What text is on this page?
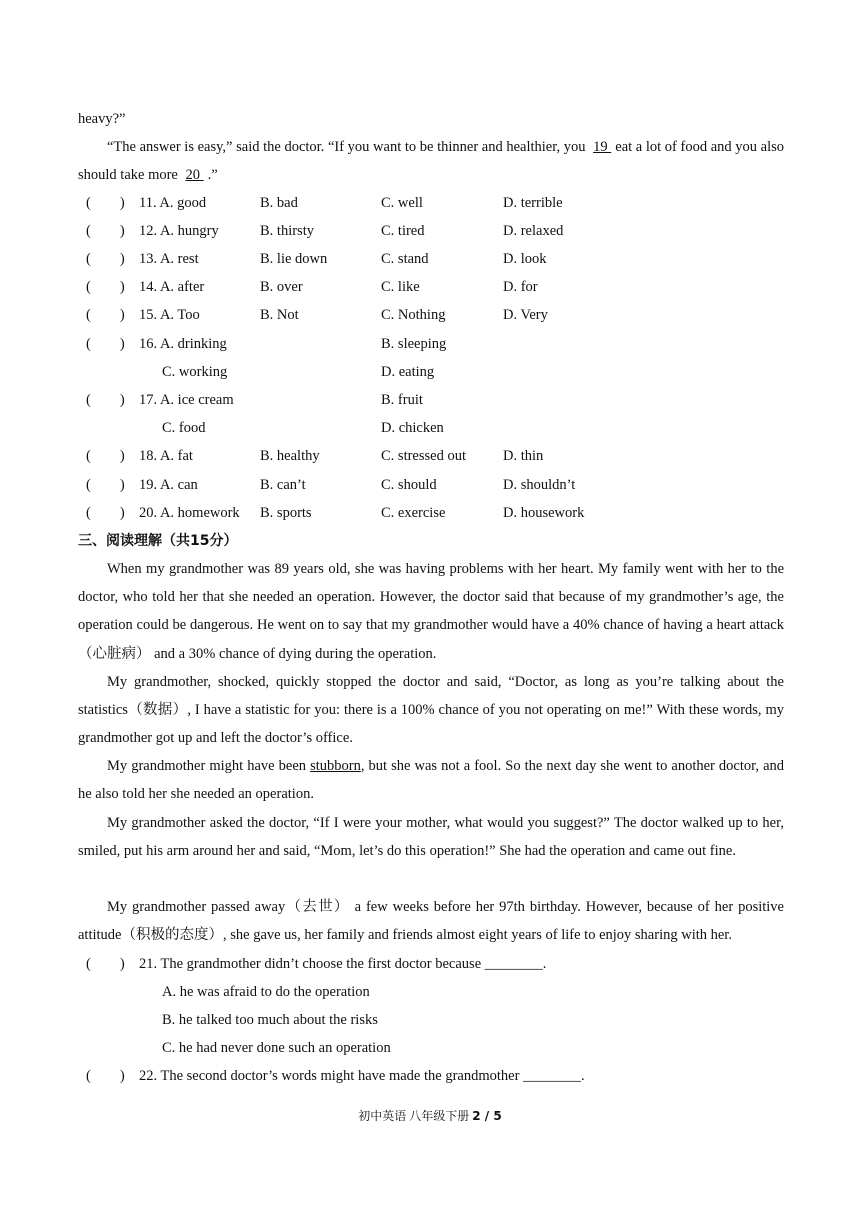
heavy?”
“The answer is easy,” said the doctor. “If you want to be thinner and healthier, you 19 eat a lot of food and you also should take more 20 .”
(　　) 11. A. good	B. bad	C. well	D. terrible
(　　) 12. A. hungry	B. thirsty	C. tired	D. relaxed
(　　) 13. A. rest	B. lie down	C. stand	D. look
(　　) 14. A. after	B. over	C. like	D. for
(　　) 15. A. Too	B. Not	C. Nothing	D. Very
(　　) 16. A. drinking	B. sleeping
C. working	D. eating
(　　) 17. A. ice cream	B. fruit
C. food	D. chicken
(　　) 18. A. fat	B. healthy	C. stressed out	D. thin
(　　) 19. A. can	B. can’t	C. should	D. shouldn’t
(　　) 20. A. homework B. sports	C. exercise	D. housework
三、阅读理解（共15分）
When my grandmother was 89 years old, she was having problems with her heart. My family went with her to the doctor, who told her that she needed an operation. However, the doctor said that because of my grandmother’s age, the operation could be dangerous. He went on to say that my grandmother would have a 40% chance of having a heart attack（心脏病） and a 30% chance of dying during the operation.
My grandmother, shocked, quickly stopped the doctor and said, “Doctor, as long as you’re talking about the statistics（数据）, I have a statistic for you: there is a 100% chance of you not operating on me!” With these words, my grandmother got up and left the doctor’s office.
My grandmother might have been stubborn, but she was not a fool. So the next day she went to another doctor, and he also told her she needed an operation.
My grandmother asked the doctor, “If I were your mother, what would you suggest?” The doctor walked up to her, smiled, put his arm around her and said, “Mom, let’s do this operation!” She had the operation and came out fine.
My grandmother passed away（去世） a few weeks before her 97th birthday. However, because of her positive attitude（积极的态度）, she gave us, her family and friends almost eight years of life to enjoy sharing with her.
(　　) 21. The grandmother didn’t choose the first doctor because ________.
A. he was afraid to do the operation
B. he talked too much about the risks
C. he had never done such an operation
(　　) 22. The second doctor’s words might have made the grandmother ________.
初中英语 八年级下册 2 / 5
